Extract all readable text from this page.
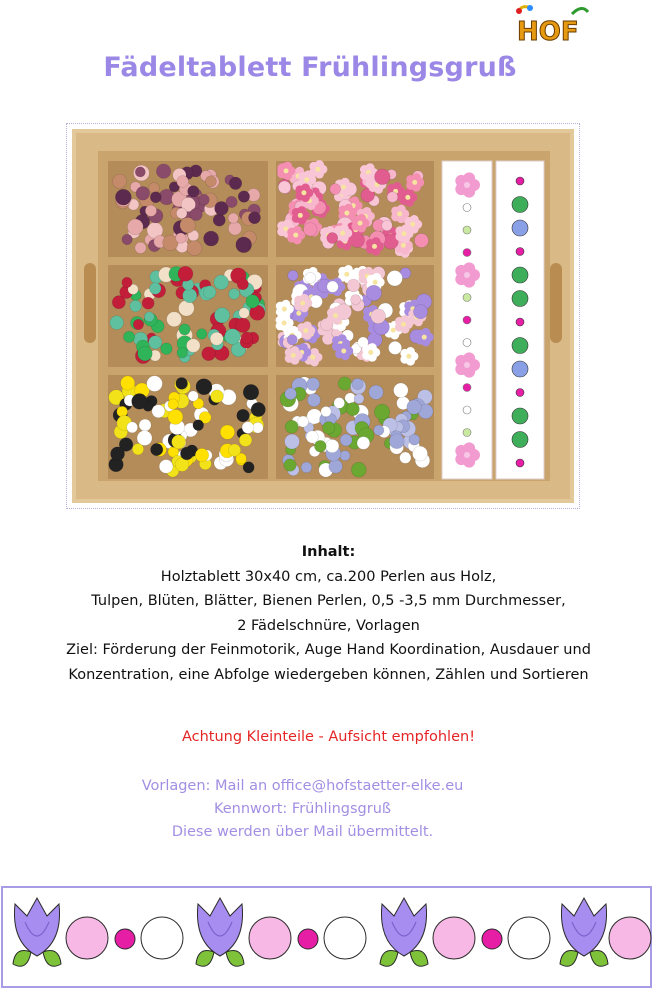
HOF
Fädeltablett Frühlingsgruß
Inhalt:
Holztablett 30x40 cm, ca.200 Perlen aus Holz,
Tulpen, Blüten, Blätter, Bienen Perlen, 0,5 -3,5 mm Durchmesser,
2 Fädelschnüre, Vorlagen
Ziel: Förderung der Feinmotorik, Auge Hand Koordination, Ausdauer und
Konzentration, eine Abfolge wiedergeben können, Zählen und Sortieren
Achtung Kleinteile - Aufsicht empfohlen!
Vorlagen: Mail an office@hofstaetter-elke.eu
Kennwort: Frühlingsgruß
Diese werden über Mail übermittelt.
